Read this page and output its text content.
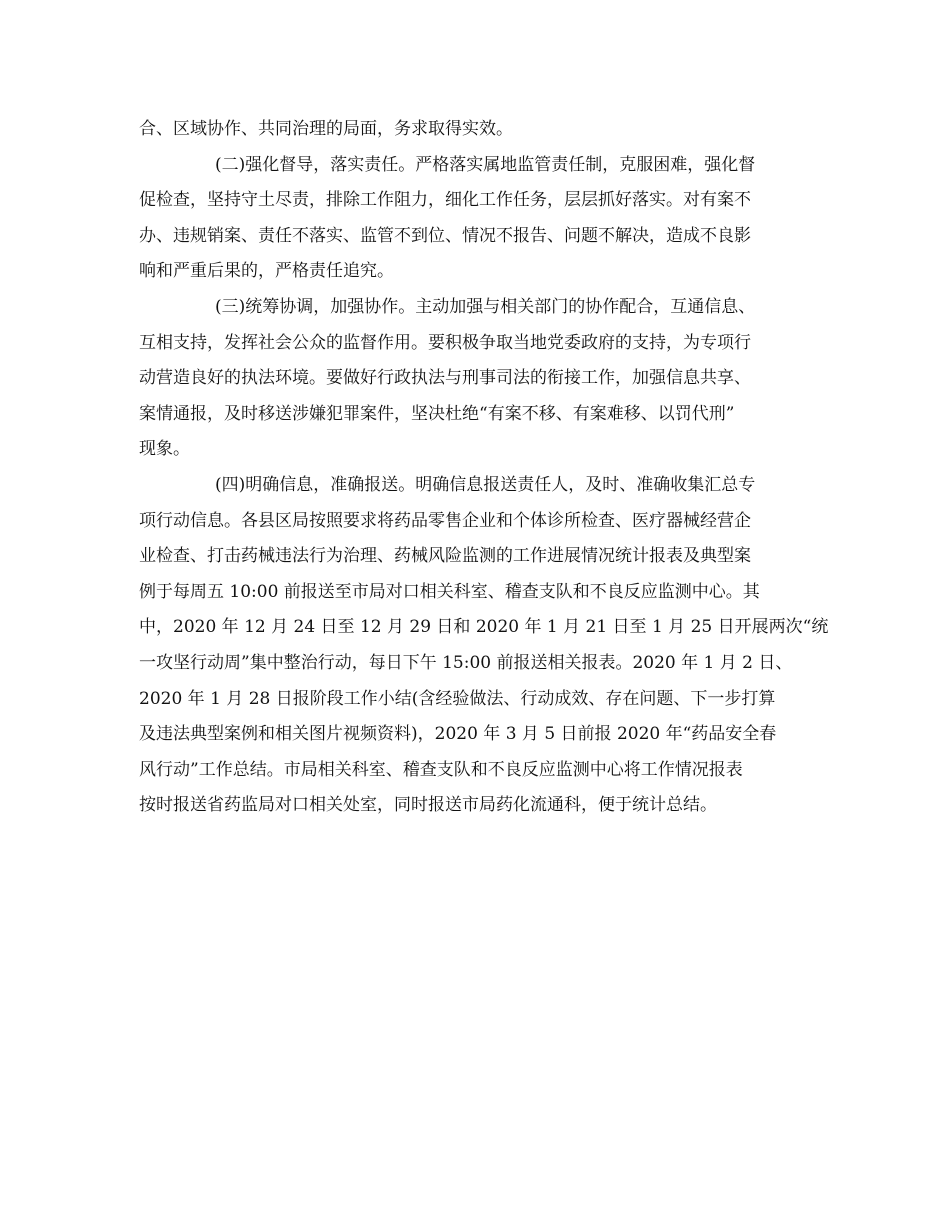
合、区域协作、共同治理的局面，务求取得实效。
(二)强化督导，落实责任。严格落实属地监管责任制，克服困难，强化督
促检查，坚持守土尽责，排除工作阻力，细化工作任务，层层抓好落实。对有案不
办、违规销案、责任不落实、监管不到位、情况不报告、问题不解决，造成不良影
响和严重后果的，严格责任追究。
(三)统筹协调，加强协作。主动加强与相关部门的协作配合，互通信息、
互相支持，发挥社会公众的监督作用。要积极争取当地党委政府的支持，为专项行
动营造良好的执法环境。要做好行政执法与刑事司法的衔接工作，加强信息共享、
案情通报，及时移送涉嫌犯罪案件，坚决杜绝“有案不移、有案难移、以罚代刑”
现象。
(四)明确信息，准确报送。明确信息报送责任人，及时、准确收集汇总专
项行动信息。各县区局按照要求将药品零售企业和个体诊所检查、医疗器械经营企
业检查、打击药械违法行为治理、药械风险监测的工作进展情况统计报表及典型案
例于每周五 10:00 前报送至市局对口相关科室、稽查支队和不良反应监测中心。其
中，2020 年 12 月 24 日至 12 月 29 日和 2020 年 1 月 21 日至 1 月 25 日开展两次“统
一攻坚行动周”集中整治行动，每日下午 15:00 前报送相关报表。2020 年 1 月 2 日、
2020 年 1 月 28 日报阶段工作小结(含经验做法、行动成效、存在问题、下一步打算
及违法典型案例和相关图片视频资料)，2020 年 3 月 5 日前报 2020 年“药品安全春
风行动”工作总结。市局相关科室、稽查支队和不良反应监测中心将工作情况报表
按时报送省药监局对口相关处室，同时报送市局药化流通科，便于统计总结。
